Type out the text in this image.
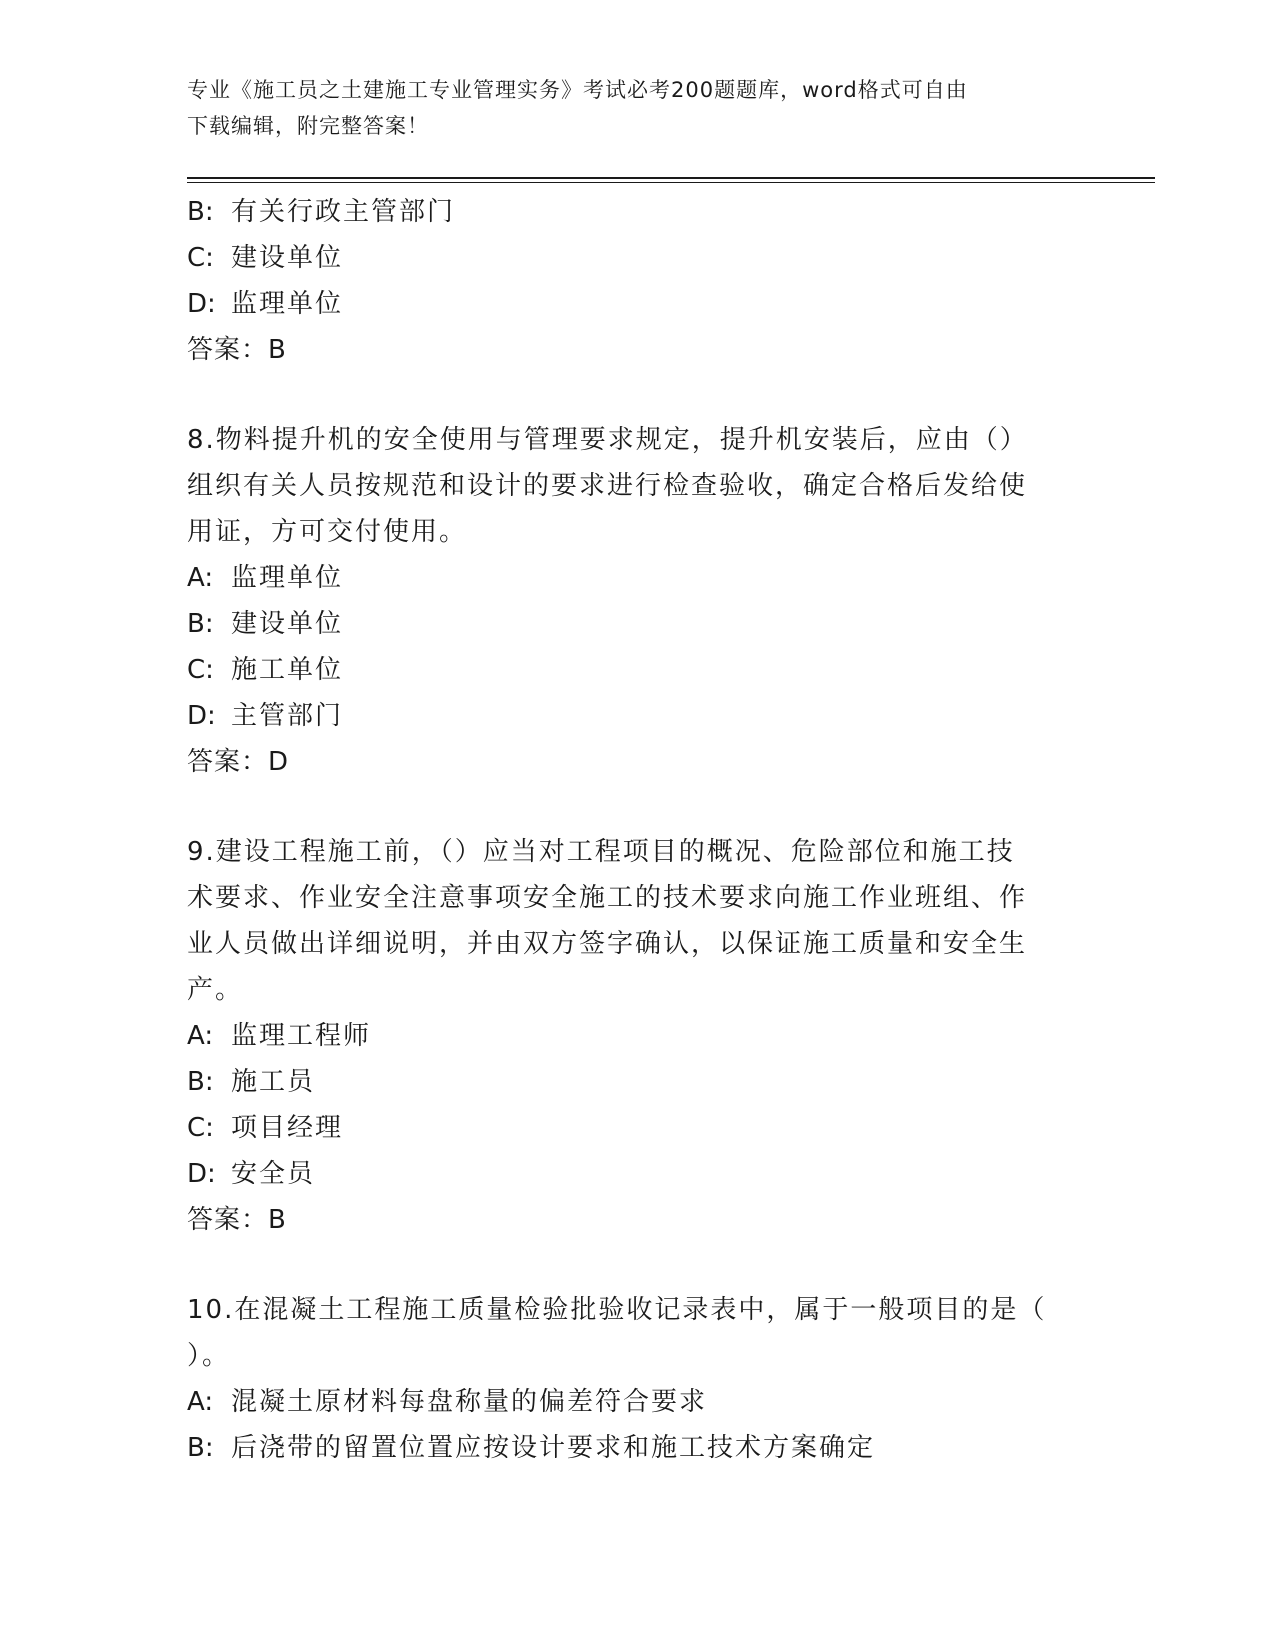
专业《施工员之土建施工专业管理实务》考试必考200题题库，word格式可自由
下载编辑，附完整答案！
B: 有关行政主管部门
C: 建设单位
D: 监理单位
答案：B
8.物料提升机的安全使用与管理要求规定，提升机安装后，应由（）
组织有关人员按规范和设计的要求进行检查验收，确定合格后发给使
用证，方可交付使用。
A: 监理单位
B: 建设单位
C: 施工单位
D: 主管部门
答案：D
9.建设工程施工前，（）应当对工程项目的概况、危险部位和施工技
术要求、作业安全注意事项安全施工的技术要求向施工作业班组、作
业人员做出详细说明，并由双方签字确认，以保证施工质量和安全生
产。
A: 监理工程师
B: 施工员
C: 项目经理
D: 安全员
答案：B
10.在混凝土工程施工质量检验批验收记录表中，属于一般项目的是（
）。
A: 混凝土原材料每盘称量的偏差符合要求
B: 后浇带的留置位置应按设计要求和施工技术方案确定
